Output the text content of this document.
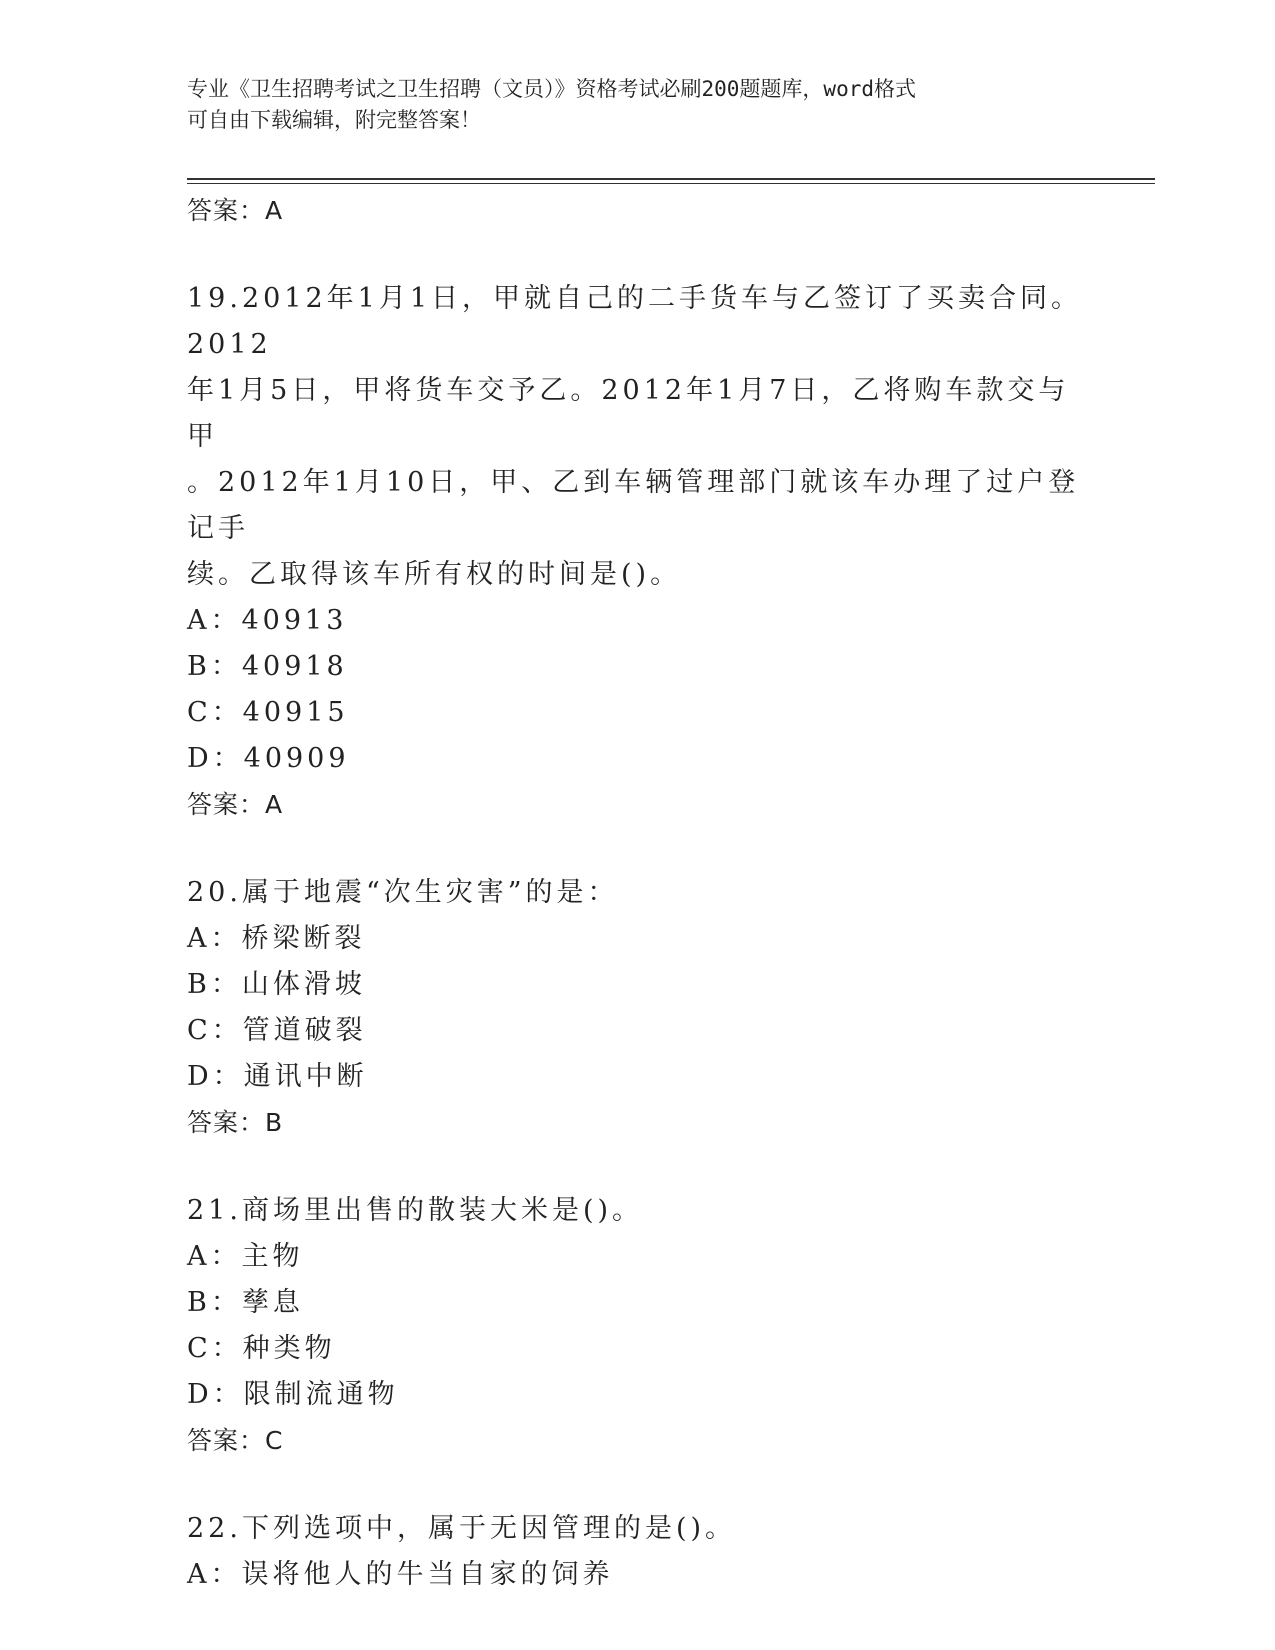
专业《卫生招聘考试之卫生招聘（文员）》资格考试必刷200题题库，word格式
可自由下载编辑，附完整答案！
答案：A
19.2012年1月1日，甲就自己的二手货车与乙签订了买卖合同。2012
年1月5日，甲将货车交予乙。2012年1月7日，乙将购车款交与甲
。2012年1月10日，甲、乙到车辆管理部门就该车办理了过户登记手
续。乙取得该车所有权的时间是()。
A：40913
B：40918
C：40915
D：40909
答案：A
20.属于地震“次生灾害”的是：
A：桥梁断裂
B：山体滑坡
C：管道破裂
D：通讯中断
答案：B
21.商场里出售的散装大米是()。
A：主物
B：孳息
C：种类物
D：限制流通物
答案：C
22.下列选项中，属于无因管理的是()。
A：误将他人的牛当自家的饲养
